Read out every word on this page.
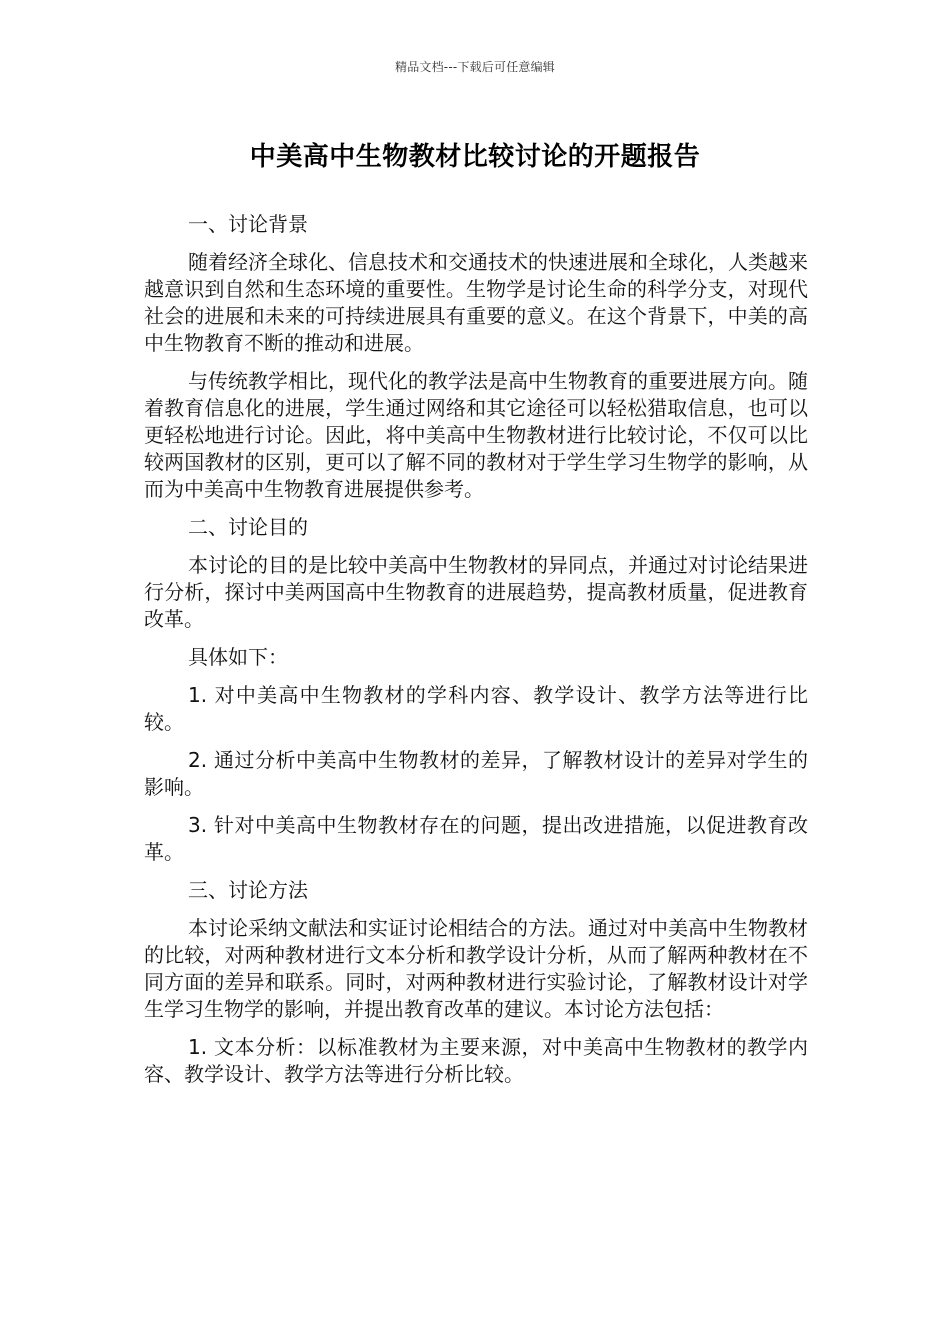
精品文档---下载后可任意编辑
中美高中生物教材比较讨论的开题报告

一、讨论背景

随着经济全球化、信息技术和交通技术的快速进展和全球化，人类越来越意识到自然和生态环境的重要性。生物学是讨论生命的科学分支，对现代社会的进展和未来的可持续进展具有重要的意义。在这个背景下，中美的高中生物教育不断的推动和进展。

与传统教学相比，现代化的教学法是高中生物教育的重要进展方向。随着教育信息化的进展，学生通过网络和其它途径可以轻松猎取信息，也可以更轻松地进行讨论。因此，将中美高中生物教材进行比较讨论，不仅可以比较两国教材的区别，更可以了解不同的教材对于学生学习生物学的影响，从而为中美高中生物教育进展提供参考。

二、讨论目的

本讨论的目的是比较中美高中生物教材的异同点，并通过对讨论结果进行分析，探讨中美两国高中生物教育的进展趋势，提高教材质量，促进教育改革。

具体如下：

1. 对中美高中生物教材的学科内容、教学设计、教学方法等进行比较。

2. 通过分析中美高中生物教材的差异，了解教材设计的差异对学生的影响。

3. 针对中美高中生物教材存在的问题，提出改进措施，以促进教育改革。

三、讨论方法

本讨论采纳文献法和实证讨论相结合的方法。通过对中美高中生物教材的比较，对两种教材进行文本分析和教学设计分析，从而了解两种教材在不同方面的差异和联系。同时，对两种教材进行实验讨论，了解教材设计对学生学习生物学的影响，并提出教育改革的建议。本讨论方法包括：

1. 文本分析：以标准教材为主要来源，对中美高中生物教材的教学内容、教学设计、教学方法等进行分析比较。
